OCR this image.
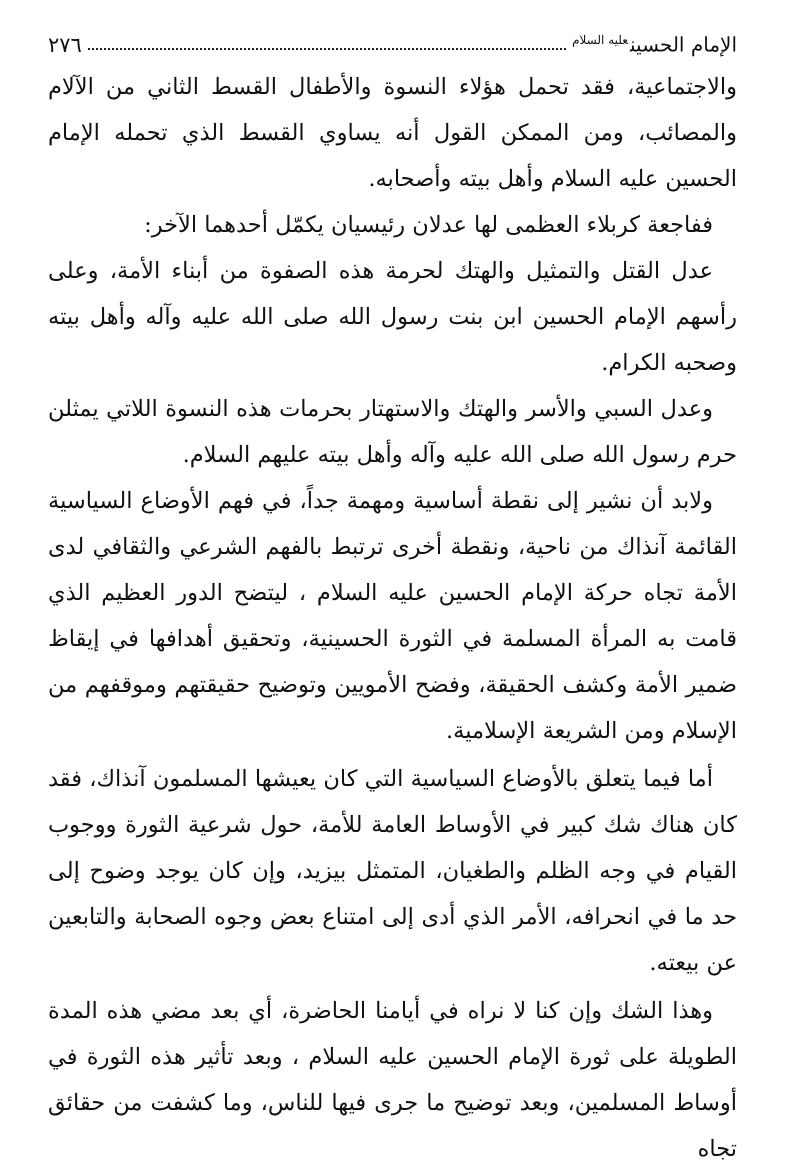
الإمام الحسين$^{عليه السلام}$
٢٧٦

والاجتماعية، فقد تحمل هؤلاء النسوة والأطفال القسط الثاني من الآلام والمصائب، ومن الممكن القول أنه يساوي القسط الذي تحمله الإمام الحسين عليه السلام وأهل بيته وأصحابه.

ففاجعة كربلاء العظمى لها عدلان رئيسيان يكمّل أحدهما الآخر:

عدل القتل والتمثيل والهتك لحرمة هذه الصفوة من أبناء الأمة، وعلى رأسهم الإمام الحسين ابن بنت رسول الله صلى الله عليه وآله وأهل بيته وصحبه الكرام.

وعدل السبي والأسر والهتك والاستهتار بحرمات هذه النسوة اللاتي يمثلن حرم رسول الله صلى الله عليه وآله وأهل بيته عليهم السلام.

ولابد أن نشير إلى نقطة أساسية ومهمة جداً، في فهم الأوضاع السياسية القائمة آنذاك من ناحية، ونقطة أخرى ترتبط بالفهم الشرعي والثقافي لدى الأمة تجاه حركة الإمام الحسين عليه السلام ، ليتضح الدور العظيم الذي قامت به المرأة المسلمة في الثورة الحسينية، وتحقيق أهدافها في إيقاظ ضمير الأمة وكشف الحقيقة، وفضح الأمويين وتوضيح حقيقتهم وموقفهم من الإسلام ومن الشريعة الإسلامية.

أما فيما يتعلق بالأوضاع السياسية التي كان يعيشها المسلمون آنذاك، فقد كان هناك شك كبير في الأوساط العامة للأمة، حول شرعية الثورة ووجوب القيام في وجه الظلم والطغيان، المتمثل بيزيد، وإن كان يوجد وضوح إلى حد ما في انحرافه، الأمر الذي أدى إلى امتناع بعض وجوه الصحابة والتابعين عن بيعته.

وهذا الشك وإن كنا لا نراه في أيامنا الحاضرة، أي بعد مضي هذه المدة الطويلة على ثورة الإمام الحسين عليه السلام ، وبعد تأثير هذه الثورة في أوساط المسلمين، وبعد توضيح ما جرى فيها للناس، وما كشفت من حقائق تجاه
